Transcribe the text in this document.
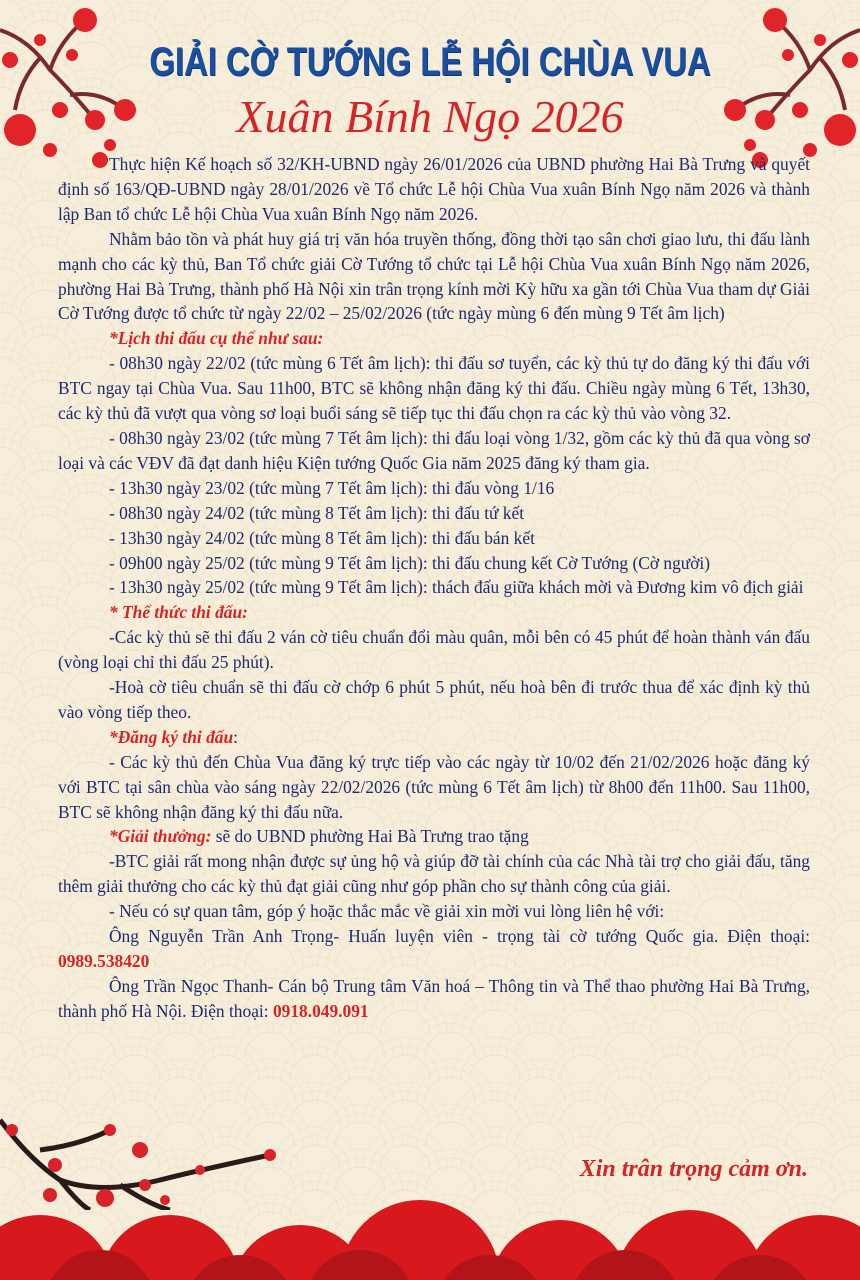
GIẢI CỜ TƯỚNG LỄ HỘI CHÙA VUA
Xuân Bính Ngọ 2026

Thực hiện Kế hoạch số 32/KH-UBND ngày 26/01/2026 của UBND phường Hai Bà Trưng và quyết định số 163/QĐ-UBND ngày 28/01/2026 về Tổ chức Lễ hội Chùa Vua xuân Bính Ngọ năm 2026 và thành lập Ban tổ chức Lễ hội Chùa Vua xuân Bính Ngọ năm 2026.

Nhằm bảo tồn và phát huy giá trị văn hóa truyền thống, đồng thời tạo sân chơi giao lưu, thi đấu lành mạnh cho các kỳ thủ, Ban Tổ chức giải Cờ Tướng tổ chức tại Lễ hội Chùa Vua xuân Bính Ngọ năm 2026, phường Hai Bà Trưng, thành phố Hà Nội xin trân trọng kính mời Kỳ hữu xa gần tới Chùa Vua tham dự Giải Cờ Tướng được tổ chức từ ngày 22/02 – 25/02/2026 (tức ngày mùng 6 đến mùng 9 Tết âm lịch)

*Lịch thi đấu cụ thể như sau:

- 08h30 ngày 22/02 (tức mùng 6 Tết âm lịch): thi đấu sơ tuyển, các kỳ thủ tự do đăng ký thi đấu với BTC ngay tại Chùa Vua. Sau 11h00, BTC sẽ không nhận đăng ký thi đấu. Chiều ngày mùng 6 Tết, 13h30, các kỳ thủ đã vượt qua vòng sơ loại buổi sáng sẽ tiếp tục thi đấu chọn ra các kỳ thủ vào vòng 32.

- 08h30 ngày 23/02 (tức mùng 7 Tết âm lịch): thi đấu loại vòng 1/32, gồm các kỳ thủ đã qua vòng sơ loại và các VĐV đã đạt danh hiệu Kiện tướng Quốc Gia năm 2025 đăng ký tham gia.

- 13h30 ngày 23/02 (tức mùng 7 Tết âm lịch): thi đấu vòng 1/16

- 08h30 ngày 24/02 (tức mùng 8 Tết âm lịch): thi đấu tứ kết

- 13h30 ngày 24/02 (tức mùng 8 Tết âm lịch): thi đấu bán kết

- 09h00 ngày 25/02 (tức mùng 9 Tết âm lịch): thi đấu chung kết Cờ Tướng (Cờ người)

- 13h30 ngày 25/02 (tức mùng 9 Tết âm lịch): thách đấu giữa khách mời và Đương kim vô địch giải

* Thể thức thi đấu:

-Các kỳ thủ sẽ thi đấu 2 ván cờ tiêu chuẩn đổi màu quân, mỗi bên có 45 phút để hoàn thành ván đấu (vòng loại chỉ thi đấu 25 phút).

-Hoà cờ tiêu chuẩn sẽ thi đấu cờ chớp 6 phút 5 phút, nếu hoà bên đi trước thua để xác định kỳ thủ vào vòng tiếp theo.

*Đăng ký thi đấu:

- Các kỳ thủ đến Chùa Vua đăng ký trực tiếp vào các ngày từ 10/02 đến 21/02/2026 hoặc đăng ký với BTC tại sân chùa vào sáng ngày 22/02/2026 (tức mùng 6 Tết âm lịch) từ 8h00 đến 11h00. Sau 11h00, BTC sẽ không nhận đăng ký thi đấu nữa.

*Giải thưởng: sẽ do UBND phường Hai Bà Trưng trao tặng

-BTC giải rất mong nhận được sự ủng hộ và giúp đỡ tài chính của các Nhà tài trợ cho giải đấu, tăng thêm giải thưởng cho các kỳ thủ đạt giải cũng như góp phần cho sự thành công của giải.

- Nếu có sự quan tâm, góp ý hoặc thắc mắc về giải xin mời vui lòng liên hệ với:

Ông Nguyễn Trần Anh Trọng- Huấn luyện viên - trọng tài cờ tướng Quốc gia. Điện thoại: 0989.538420

Ông Trần Ngọc Thanh- Cán bộ Trung tâm Văn hoá – Thông tin và Thể thao phường Hai Bà Trưng, thành phố Hà Nội. Điện thoại: 0918.049.091

Xin trân trọng cảm ơn.
